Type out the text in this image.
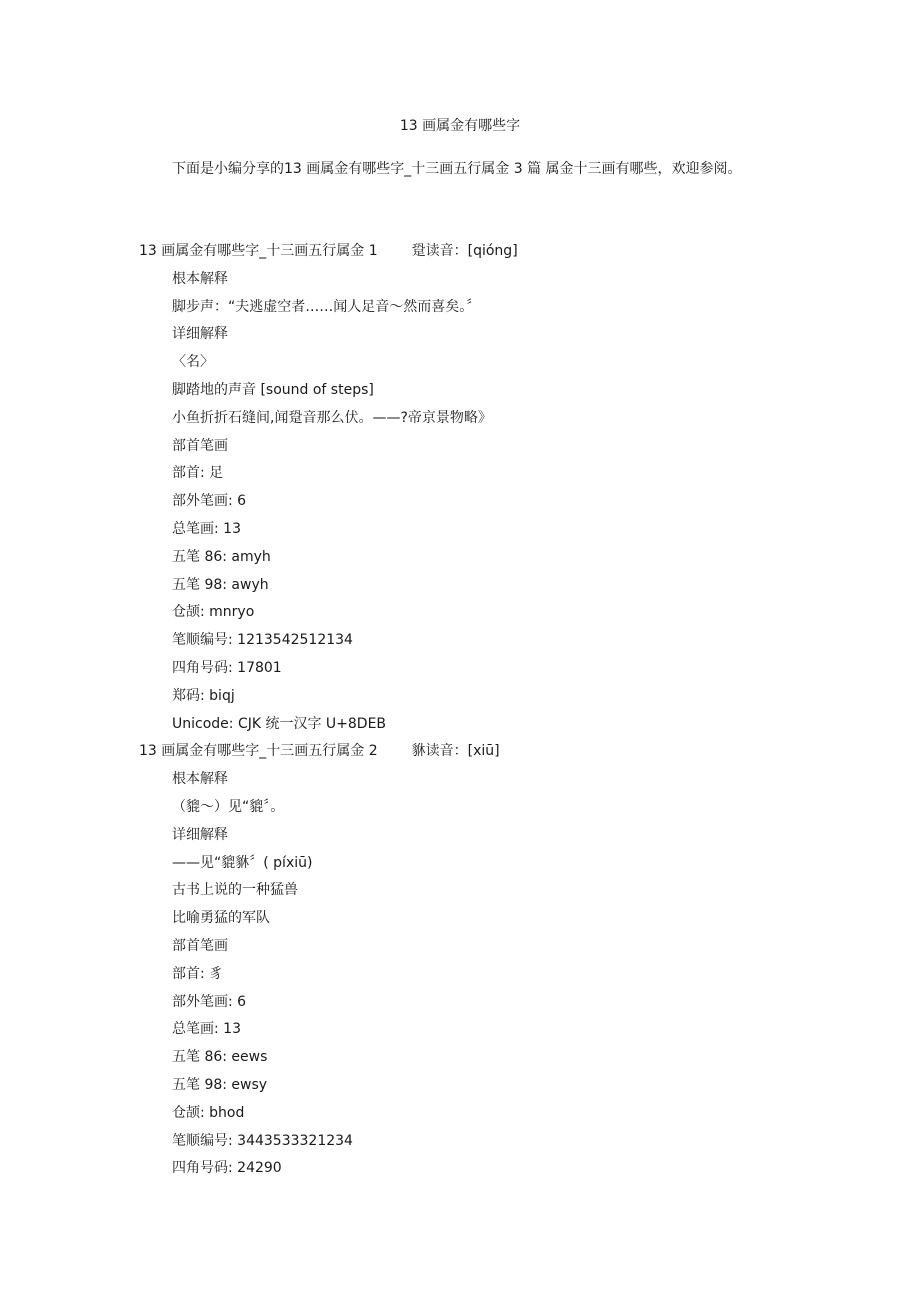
13 画属金有哪些字
下面是小编分享的13 画属金有哪些字_十三画五行属金 3 篇 属金十三画有哪些，欢迎参阅。
13 画属金有哪些字_十三画五行属金 1 跫读音：[qióng]
根本解释
脚步声：“夫逃虚空者……闻人足音～然而喜矣。〞
详细解释
〈名〉
脚踏地的声音 [sound of steps]
小鱼折折石缝间,闻跫音那么伏。——?帝京景物略》
部首笔画
部首: 足
部外笔画: 6
总笔画: 13
五笔 86: amyh
五笔 98: awyh
仓颉: mnryo
笔顺编号: 1213542512134
四角号码: 17801
郑码: biqj
Unicode: CJK 统一汉字 U+8DEB
13 画属金有哪些字_十三画五行属金 2 貅读音：[xiū]
根本解释
（貔～）见“貔〞。
详细解释
——见“貔貅〞( píxiū)
古书上说的一种猛兽
比喻勇猛的军队
部首笔画
部首: 豸
部外笔画: 6
总笔画: 13
五笔 86: eews
五笔 98: ewsy
仓颉: bhod
笔顺编号: 3443533321234
四角号码: 24290
